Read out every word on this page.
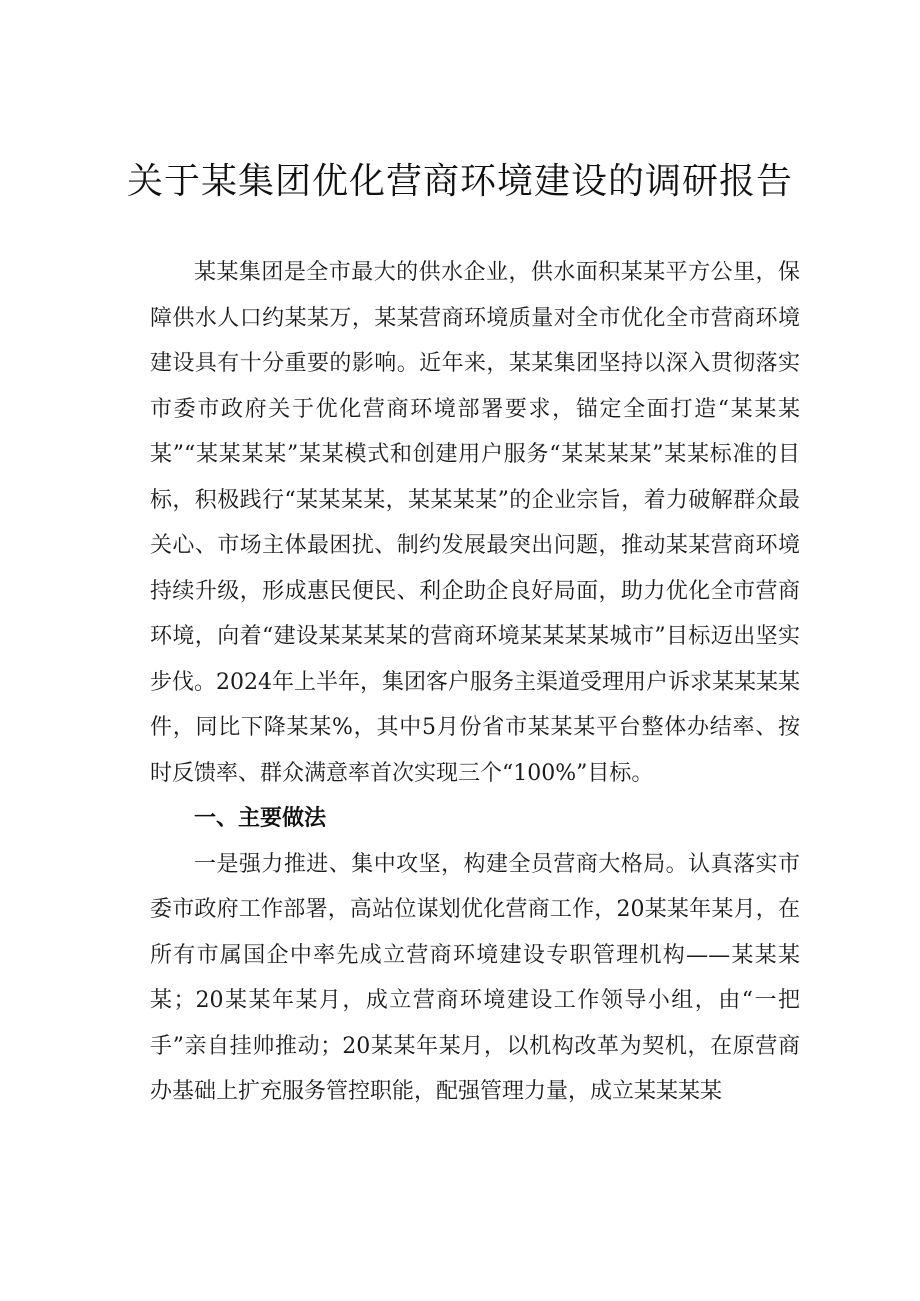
关于某集团优化营商环境建设的调研报告

某某集团是全市最大的供水企业，供水面积某某平方公里，保障供水人口约某某万，某某营商环境质量对全市优化全市营商环境建设具有十分重要的影响。近年来，某某集团坚持以深入贯彻落实市委市政府关于优化营商环境部署要求，锚定全面打造“某某某某”“某某某某”某某模式和创建用户服务“某某某某”某某标准的目标，积极践行“某某某某，某某某某”的企业宗旨，着力破解群众最关心、市场主体最困扰、制约发展最突出问题，推动某某营商环境持续升级，形成惠民便民、利企助企良好局面，助力优化全市营商环境，向着“建设某某某某的营商环境某某某某城市”目标迈出坚实步伐。2024年上半年，集团客户服务主渠道受理用户诉求某某某某件，同比下降某某%，其中5月份省市某某某平台整体办结率、按时反馈率、群众满意率首次实现三个“100%”目标。

一、主要做法

一是强力推进、集中攻坚，构建全员营商大格局。认真落实市委市政府工作部署，高站位谋划优化营商工作，20某某年某月，在所有市属国企中率先成立营商环境建设专职管理机构——某某某某；20某某年某月，成立营商环境建设工作领导小组，由“一把手”亲自挂帅推动；20某某年某月，以机构改革为契机，在原营商办基础上扩充服务管控职能，配强管理力量，成立某某某某
